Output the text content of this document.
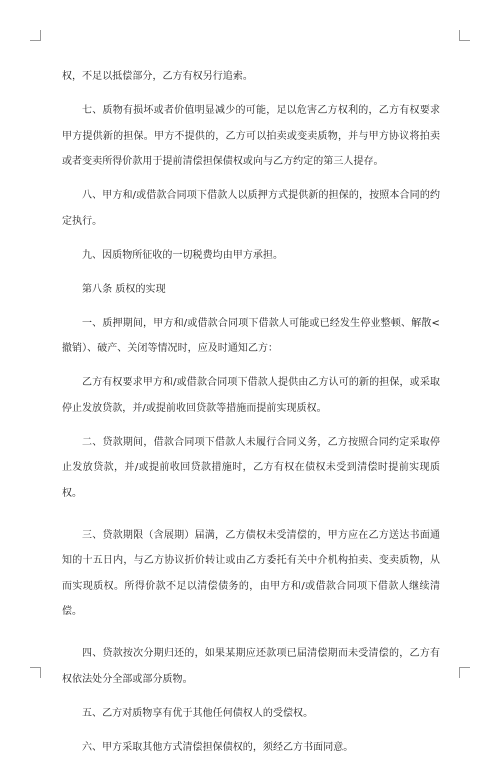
权，不足以抵偿部分，乙方有权另行追索。

七、质物有损坏或者价值明显减少的可能，足以危害乙方权利的，乙方有权要求甲方提供新的担保。甲方不提供的，乙方可以拍卖或变卖质物，并与甲方协议将拍卖或者变卖所得价款用于提前清偿担保债权或向与乙方约定的第三人提存。

八、甲方和/或借款合同项下借款人以质押方式提供新的担保的，按照本合同的约定执行。

九、因质物所征收的一切税费均由甲方承担。

第八条 质权的实现

一、质押期间，甲方和/或借款合同项下借款人可能或已经发生停业整顿、解散<撤销）、破产、关闭等情况时，应及时通知乙方：

乙方有权要求甲方和/或借款合同项下借款人提供由乙方认可的新的担保，或采取停止发放贷款，并/或提前收回贷款等措施而提前实现质权。

二、贷款期间，借款合同项下借款人未履行合同义务，乙方按照合同约定采取停止发放贷款，并/或提前收回贷款措施时，乙方有权在债权未受到清偿时提前实现质权。

三、贷款期限（含展期）届满，乙方债权未受清偿的，甲方应在乙方送达书面通知的十五日内，与乙方协议折价转让或由乙方委托有关中介机构拍卖、变卖质物，从而实现质权。所得价款不足以清偿债务的，由甲方和/或借款合同项下借款人继续清偿。

四、贷款按次分期归还的，如果某期应还款项已届清偿期而未受清偿的，乙方有权依法处分全部或部分质物。

五、乙方对质物享有优于其他任何债权人的受偿权。

六、甲方采取其他方式清偿担保债权的，须经乙方书面同意。
